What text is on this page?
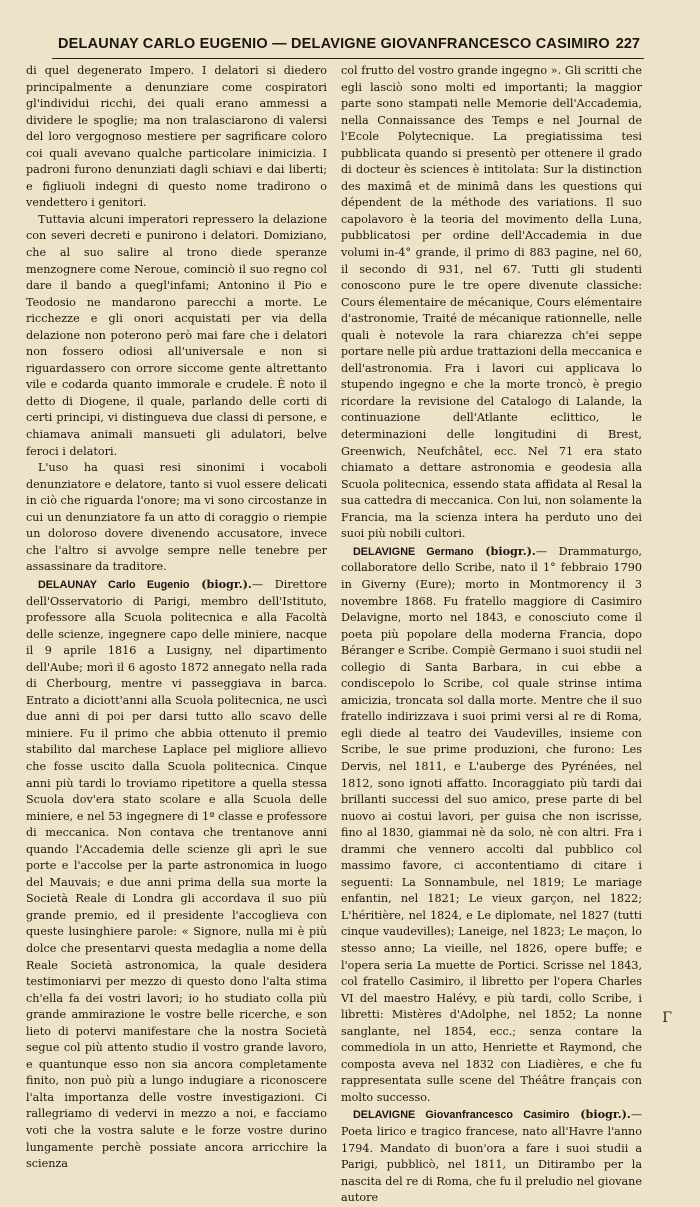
DELAUNAY CARLO EUGENIO — DELAVIGNE GIOVANFRANCESCO CASIMIRO 227

di quel degenerato Impero. I delatori si diedero principalmente a denunziare come cospiratori gl'individui ricchi, dei quali erano ammessi a dividere le spoglie; ma non tralasciarono di valersi del loro vergognoso mestiere per sagrificare coloro coi quali avevano qualche particolare inimicizia. I padroni furono denunziati dagli schiavi e dai liberti; e figliuoli indegni di questo nome tradirono o vendettero i genitori.

Tuttavia alcuni imperatori repressero la delazione con severi decreti e punirono i delatori. Domiziano, che al suo salire al trono diede speranze menzognere come Neroue, cominciò il suo regno col dare il bando a quegl'infami; Antonino il Pio e Teodosio ne mandarono parecchi a morte. Le ricchezze e gli onori acquistati per via della delazione non poterono però mai fare che i delatori non fossero odiosi all'universale e non si riguardassero con orrore siccome gente altrettanto vile e codarda quanto immorale e crudele. È noto il detto di Diogene, il quale, parlando delle corti di certi principi, vi distingueva due classi di persone, e chiamava animali mansueti gli adulatori, belve feroci i delatori.

L'uso ha quasi resi sinonimi i vocaboli denunziatore e delatore, tanto si vuol essere delicati in ciò che riguarda l'onore; ma vi sono circostanze in cui un denunziatore fa un atto di coraggio o riempie un doloroso dovere divenendo accusatore, invece che l'altro si avvolge sempre nelle tenebre per assassinare da traditore.

DELAUNAY Carlo Eugenio (biogr.).— Direttore dell'Osservatorio di Parigi, membro dell'Istituto, professore alla Scuola politecnica e alla Facoltà delle scienze, ingegnere capo delle miniere, nacque il 9 aprile 1816 a Lusigny, nel dipartimento dell'Aube; morì il 6 agosto 1872 annegato nella rada di Cherbourg, mentre vi passeggiava in barca. Entrato a diciott'anni alla Scuola politecnica, ne uscì due anni di poi per darsi tutto allo scavo delle miniere. Fu il primo che abbia ottenuto il premio stabilito dal marchese Laplace pel migliore allievo che fosse uscito dalla Scuola politecnica. Cinque anni più tardi lo troviamo ripetitore a quella stessa Scuola dov'era stato scolare e alla Scuola delle miniere, e nel 53 ingegnere di 1ª classe e professore di meccanica. Non contava che trentanove anni quando l'Accademia delle scienze gli aprì le sue porte e l'accolse per la parte astronomica in luogo del Mauvais; e due anni prima della sua morte la Società Reale di Londra gli accordava il suo più grande premio, ed il presidente l'accoglieva con queste lusinghiere parole: « Signore, nulla mi è più dolce che presentarvi questa medaglia a nome della Reale Società astronomica, la quale desidera testimoniarvi per mezzo di questo dono l'alta stima ch'ella fa dei vostri lavori; io ho studiato colla più grande ammirazione le vostre belle ricerche, e son lieto di potervi manifestare che la nostra Società segue col più attento studio il vostro grande lavoro, e quantunque esso non sia ancora completamente finito, non può più a lungo indugiare a riconoscere l'alta importanza delle vostre investigazioni. Ci rallegriamo di vedervi in mezzo a noi, e facciamo voti che la vostra salute e le forze vostre durino lungamente perchè possiate ancora arricchire la scienza

col frutto del vostro grande ingegno ». Gli scritti che egli lasciò sono molti ed importanti; la maggior parte sono stampati nelle Memorie dell'Accademia, nella Connaissance des Temps e nel Journal de l'Ecole Polytecnique. La pregiatissima tesi pubblicata quando si presentò per ottenere il grado di docteur ès sciences è intitolata: Sur la distinction des maximâ et de minimâ dans les questions qui dépendent de la méthode des variations. Il suo capolavoro è la teoria del movimento della Luna, pubblicatosi per ordine dell'Accademia in due volumi in-4° grande, il primo di 883 pagine, nel 60, il secondo di 931, nel 67. Tutti gli studenti conoscono pure le tre opere divenute classiche: Cours élementaire de mécanique, Cours elémentaire d'astronomie, Traité de mécanique rationnelle, nelle quali è notevole la rara chiarezza ch'ei seppe portare nelle più ardue trattazioni della meccanica e dell'astronomia. Fra i lavori cui applicava lo stupendo ingegno e che la morte troncò, è pregio ricordare la revisione del Catalogo di Lalande, la continuazione dell'Atlante eclittico, le determinazioni delle longitudini di Brest, Greenwich, Neufchâtel, ecc. Nel 71 era stato chiamato a dettare astronomia e geodesia alla Scuola politecnica, essendo stata affidata al Resal la sua cattedra di meccanica. Con lui, non solamente la Francia, ma la scienza intera ha perduto uno dei suoi più nobili cultori.

DELAVIGNE Germano (biogr.).— Drammaturgo, collaboratore dello Scribe, nato il 1° febbraio 1790 in Giverny (Eure); morto in Montmorency il 3 novembre 1868. Fu fratello maggiore di Casimiro Delavigne, morto nel 1843, e conosciuto come il poeta più popolare della moderna Francia, dopo Béranger e Scribe. Compiè Germano i suoi studii nel collegio di Santa Barbara, in cui ebbe a condiscepolo lo Scribe, col quale strinse intima amicizia, troncata sol dalla morte. Mentre che il suo fratello indirizzava i suoi primi versi al re di Roma, egli diede al teatro dei Vaudevilles, insieme con Scribe, le sue prime produzioni, che furono: Les Dervis, nel 1811, e L'auberge des Pyrénées, nel 1812, sono ignoti affatto. Incoraggiato più tardi dai brillanti successi del suo amico, prese parte di bel nuovo ai costui lavori, per guisa che non iscrisse, fino al 1830, giammai nè da solo, nè con altri. Fra i drammi che vennero accolti dal pubblico col massimo favore, ci accontentiamo di citare i seguenti: La Sonnambule, nel 1819; Le mariage enfantin, nel 1821; Le vieux garçon, nel 1822; L'héritière, nel 1824, e Le diplomate, nel 1827 (tutti cinque vaudevilles); Laneige, nel 1823; Le maçon, lo stesso anno; La vieille, nel 1826, opere buffe; e l'opera seria La muette de Portici. Scrisse nel 1843, col fratello Casimiro, il libretto per l'opera Charles VI del maestro Halévy, e più tardi, collo Scribe, i libretti: Mistères d'Adolphe, nel 1852; La nonne sanglante, nel 1854, ecc.; senza contare la commediola in un atto, Henriette et Raymond, che composta aveva nel 1832 con Liadières, e che fu rappresentata sulle scene del Théâtre français con molto successo.

DELAVIGNE Giovanfrancesco Casimiro (biogr.).— Poeta lirico e tragico francese, nato all'Havre l'anno 1794. Mandato di buon'ora a fare i suoi studii a Parigi, pubblicò, nel 1811, un Ditirambo per la nascita del re di Roma, che fu il preludio nel giovane autore

Γ
